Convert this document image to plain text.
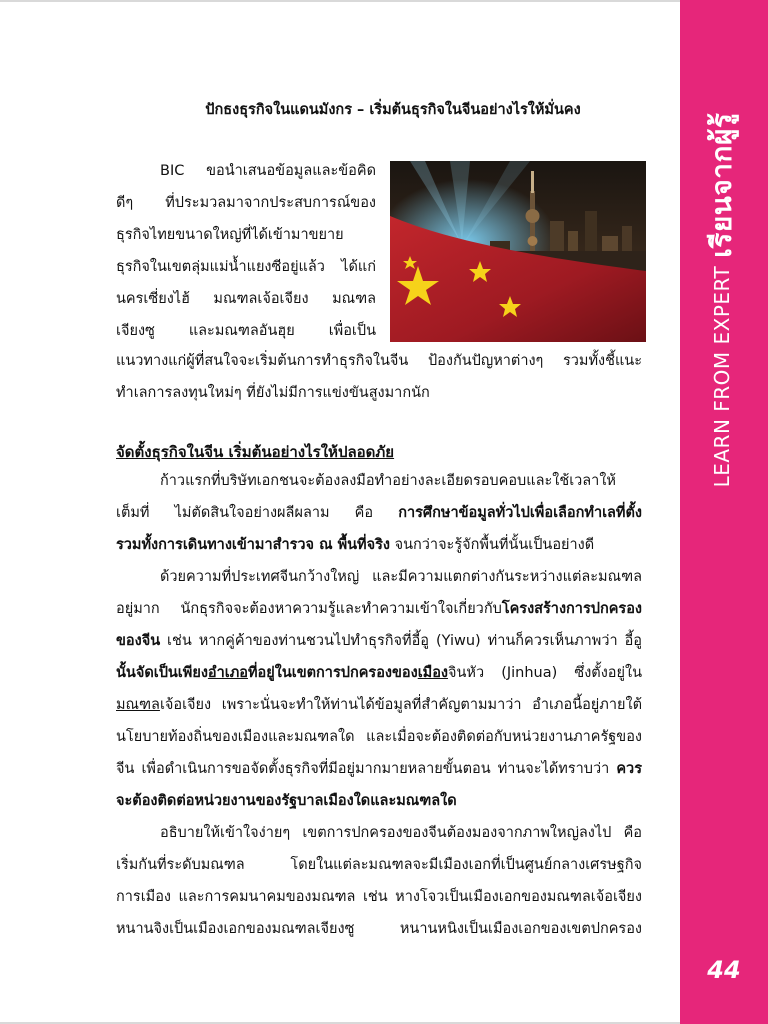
LEARN FROM EXPERTเรียนจากผู้รู้
44
ปักธงธุรกิจในแดนมังกร – เริ่มต้นธุรกิจในจีนอย่างไรให้มั่นคง
BIC ขอนำเสนอข้อมูลและข้อคิด
ดีๆ ที่ประมวลมาจากประสบการณ์ของ
ธุรกิจไทยขนาดใหญ่ที่ได้เข้ามาขยาย
ธุรกิจในเขตลุ่มแม่น้ำแยงซีอยู่แล้ว ได้แก่
นครเซี่ยงไฮ้ มณฑลเจ้อเจียง มณฑล
เจียงซู และมณฑลอันฮุย เพื่อเป็น
แนวทางแก่ผู้ที่สนใจจะเริ่มต้นการทำธุรกิจในจีน ป้องกันปัญหาต่างๆ รวมทั้งชี้แนะ
ทำเลการลงทุนใหม่ๆ ที่ยังไม่มีการแข่งขันสูงมากนัก
จัดตั้งธุรกิจในจีน เริ่มต้นอย่างไรให้ปลอดภัย
ก้าวแรกที่บริษัทเอกชนจะต้องลงมือทำอย่างละเอียดรอบคอบและใช้เวลาให้
เต็มที่ ไม่ตัดสินใจอย่างผลีผลาม คือ การศึกษาข้อมูลทั่วไปเพื่อเลือกทำเลที่ตั้ง
รวมทั้งการเดินทางเข้ามาสำรวจ ณ พื้นที่จริง จนกว่าจะรู้จักพื้นที่นั้นเป็นอย่างดี
ด้วยความที่ประเทศจีนกว้างใหญ่ และมีความแตกต่างกันระหว่างแต่ละมณฑล
อยู่มาก นักธุรกิจจะต้องหาความรู้และทำความเข้าใจเกี่ยวกับโครงสร้างการปกครอง
ของจีน เช่น หากคู่ค้าของท่านชวนไปทำธุรกิจที่อี้อู (Yiwu) ท่านก็ควรเห็นภาพว่า อี้อู
นั้นจัดเป็นเพียงอำเภอที่อยู่ในเขตการปกครองของเมืองจินหัว (Jinhua) ซึ่งตั้งอยู่ใน
มณฑลเจ้อเจียง เพราะนั่นจะทำให้ท่านได้ข้อมูลที่สำคัญตามมาว่า อำเภอนี้อยู่ภายใต้
นโยบายท้องถิ่นของเมืองและมณฑลใด และเมื่อจะต้องติดต่อกับหน่วยงานภาครัฐของ
จีน เพื่อดำเนินการขอจัดตั้งธุรกิจที่มีอยู่มากมายหลายขั้นตอน ท่านจะได้ทราบว่า ควร
จะต้องติดต่อหน่วยงานของรัฐบาลเมืองใดและมณฑลใด
อธิบายให้เข้าใจง่ายๆ เขตการปกครองของจีนต้องมองจากภาพใหญ่ลงไป คือ
เริ่มกันที่ระดับมณฑล โดยในแต่ละมณฑลจะมีเมืองเอกที่เป็นศูนย์กลางเศรษฐกิจ
การเมือง และการคมนาคมของมณฑล เช่น หางโจวเป็นเมืองเอกของมณฑลเจ้อเจียง
หนานจิงเป็นเมืองเอกของมณฑลเจียงซู หนานหนิงเป็นเมืองเอกของเขตปกครอง
